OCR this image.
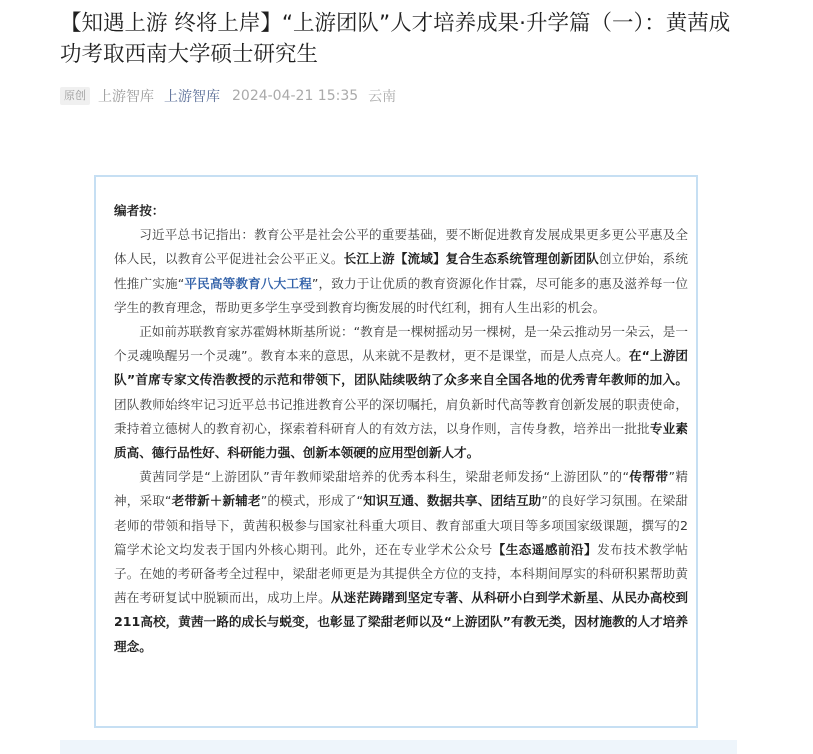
【知遇上游 终将上岸】“上游团队”人才培养成果·升学篇（一）：黄茜成功考取西南大学硕士研究生
原创 上游智库 上游智库 2024-04-21 15:35 云南

编者按：

习近平总书记指出：教育公平是社会公平的重要基础，要不断促进教育发展成果更多更公平惠及全体人民，以教育公平促进社会公平正义。长江上游【流域】复合生态系统管理创新团队创立伊始，系统性推广实施“平民高等教育八大工程”，致力于让优质的教育资源化作甘霖，尽可能多的惠及滋养每一位学生的教育理念，帮助更多学生享受到教育均衡发展的时代红利，拥有人生出彩的机会。

正如前苏联教育家苏霍姆林斯基所说：“教育是一棵树摇动另一棵树，是一朵云推动另一朵云，是一个灵魂唤醒另一个灵魂”。教育本来的意思，从来就不是教材，更不是课堂，而是人点亮人。在“上游团队”首席专家文传浩教授的示范和带领下，团队陆续吸纳了众多来自全国各地的优秀青年教师的加入。团队教师始终牢记习近平总书记推进教育公平的深切嘱托，肩负新时代高等教育创新发展的职责使命，秉持着立德树人的教育初心，探索着科研育人的有效方法，以身作则，言传身教，培养出一批批专业素质高、德行品性好、科研能力强、创新本领硬的应用型创新人才。

黄茜同学是“上游团队”青年教师梁甜培养的优秀本科生，梁甜老师发扬“上游团队”的“传帮带”精神，采取“老带新＋新辅老”的模式，形成了“知识互通、数据共享、团结互助”的良好学习氛围。在梁甜老师的带领和指导下，黄茜积极参与国家社科重大项目、教育部重大项目等多项国家级课题，撰写的2篇学术论文均发表于国内外核心期刊。此外，还在专业学术公众号【生态遥感前沿】发布技术教学帖子。在她的考研备考全过程中，梁甜老师更是为其提供全方位的支持，本科期间厚实的科研积累帮助黄茜在考研复试中脱颖而出，成功上岸。从迷茫踌躇到坚定专著、从科研小白到学术新星、从民办高校到211高校，黄茜一路的成长与蜕变，也彰显了梁甜老师以及“上游团队”有教无类，因材施教的人才培养理念。
